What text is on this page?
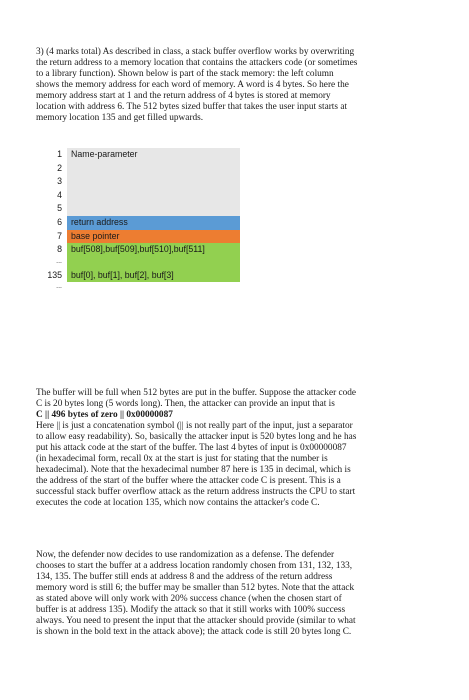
3) (4 marks total) As described in class, a stack buffer overflow works by overwriting
the return address to a memory location that contains the attackers code (or sometimes
to a library function). Shown below is part of the stack memory: the left column
shows the memory address for each word of memory. A word is 4 bytes. So here the
memory address start at 1 and the return address of 4 bytes is stored at memory
location with address 6. The 512 bytes sized buffer that takes the user input starts at
memory location 135 and get filled upwards.
1	Name-parameter
2
3
4
5
6	return address
7	base pointer
8	buf[508],buf[509],buf[510],buf[511]
...
135	buf[0], buf[1], buf[2], buf[3]
...
The buffer will be full when 512 bytes are put in the buffer. Suppose the attacker code
C is 20 bytes long (5 words long). Then, the attacker can provide an input that is
C || 496 bytes of zero || 0x00000087
Here || is just a concatenation symbol (|| is not really part of the input, just a separator
to allow easy readability). So, basically the attacker input is 520 bytes long and he has
put his attack code at the start of the buffer. The last 4 bytes of input is 0x00000087
(in hexadecimal form, recall 0x at the start is just for stating that the number is
hexadecimal). Note that the hexadecimal number 87 here is 135 in decimal, which is
the address of the start of the buffer where the attacker code C is present. This is a
successful stack buffer overflow attack as the return address instructs the CPU to start
executes the code at location 135, which now contains the attacker's code C.
Now, the defender now decides to use randomization as a defense. The defender
chooses to start the buffer at a address location randomly chosen from 131, 132, 133,
134, 135. The buffer still ends at address 8 and the address of the return address
memory word is still 6; the buffer may be smaller than 512 bytes. Note that the attack
as stated above will only work with 20% success chance (when the chosen start of
buffer is at address 135). Modify the attack so that it still works with 100% success
always. You need to present the input that the attacker should provide (similar to what
is shown in the bold text in the attack above); the attack code is still 20 bytes long C.
